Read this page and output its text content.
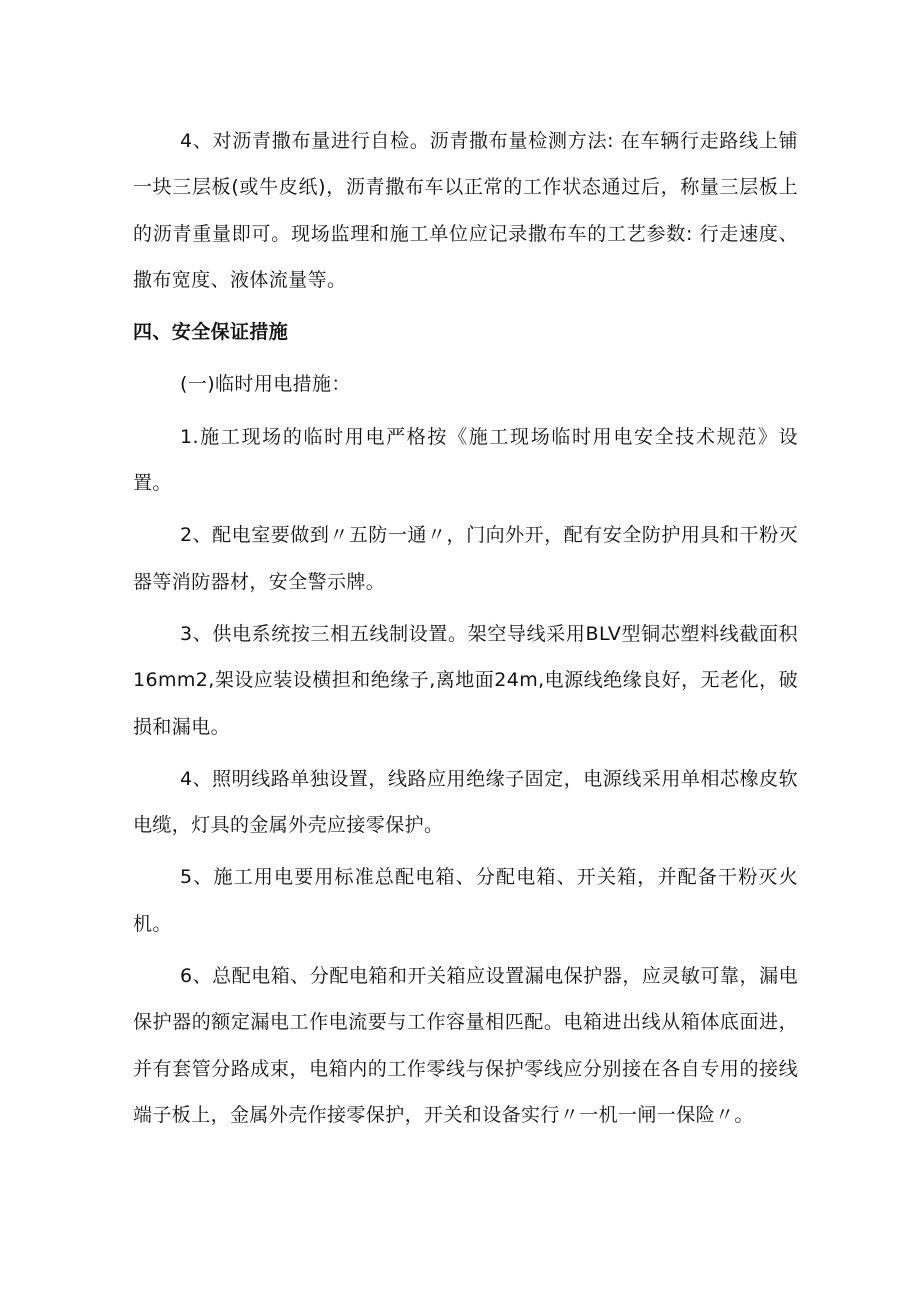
4、对沥青撒布量进行自检。沥青撒布量检测方法: 在车辆行走路线上铺一块三层板(或牛皮纸)，沥青撒布车以正常的工作状态通过后，称量三层板上的沥青重量即可。现场监理和施工单位应记录撒布车的工艺参数: 行走速度、撒布宽度、液体流量等。

四、安全保证措施

(一)临时用电措施：

1.施工现场的临时用电严格按《施工现场临时用电安全技术规范》设置。

2、配电室要做到〃五防一通〃，门向外开，配有安全防护用具和干粉灭器等消防器材，安全警示牌。

3、供电系统按三相五线制设置。架空导线采用BLV型铜芯塑料线截面积16mm2,架设应装设横担和绝缘子,离地面24m,电源线绝缘良好，无老化，破损和漏电。

4、照明线路单独设置，线路应用绝缘子固定，电源线采用单相芯橡皮软电缆，灯具的金属外壳应接零保护。

5、施工用电要用标准总配电箱、分配电箱、开关箱，并配备干粉灭火机。

6、总配电箱、分配电箱和开关箱应设置漏电保护器，应灵敏可靠，漏电保护器的额定漏电工作电流要与工作容量相匹配。电箱进出线从箱体底面进，并有套管分路成束，电箱内的工作零线与保护零线应分别接在各自专用的接线端子板上，金属外壳作接零保护，开关和设备实行〃一机一闸一保险〃。
